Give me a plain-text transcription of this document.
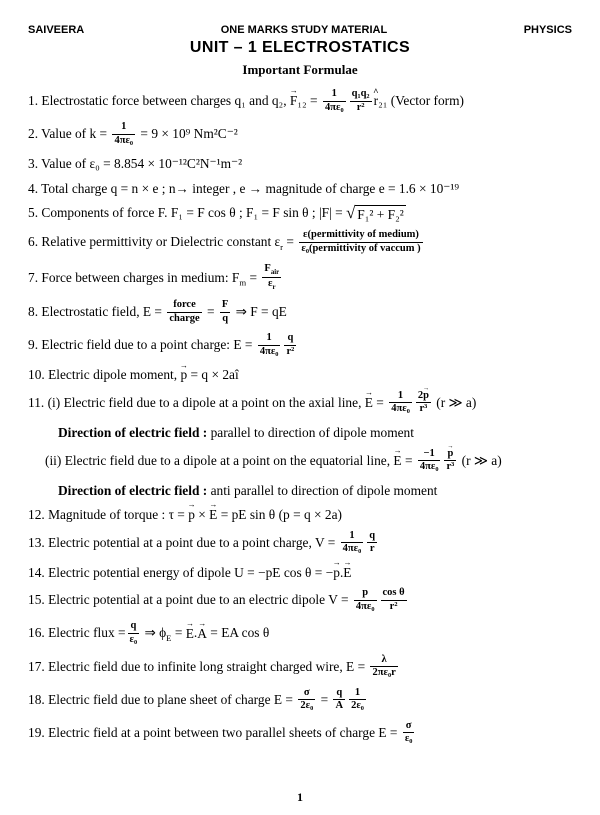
SAIVEERA	ONE MARKS STUDY MATERIAL	PHYSICS
UNIT – 1 ELECTROSTATICS
Important Formulae
1. Electrostatic force between charges q₁ and q₂, → $F_{12} = \frac{1}{\text{4πε₀}} \frac{\text{q₁q₂}}{\text{r²}}$ ^ r₂₁ (Vector form)
2. Value of $k = \frac{1}{\text{4πε₀}} = 9 \times 10^9$ Nm²C⁻²
3. Value of ε₀ = 8.854 × 10⁻¹²C²N⁻¹m⁻²
4. Total charge q = n × e ; n→ integer , e → magnitude of charge e = 1.6 × 10⁻¹⁹
5. Components of force F. F₁ = F cos θ ; F₁ = F sin θ ; |F| = √ F₁² + F₂²
6. Relative permittivity or Dielectric constant $\varepsilon_r = \frac{\text{ε(permittivity of medium)}}{\text{ε₀(permittivity of vaccum )}}$
7. Force between charges in medium: $F_m = \frac{F_{air}}{\varepsilon_r}$
8. Electrostatic field, $E = \frac{\text{force}}{\text{charge}} = \frac{F}{q}$ ⇒ F = qE
9. Electric field due to a point charge: $E = \frac{1}{\text{4πε₀}} \frac{q}{\text{r²}}$
10. Electric dipole moment, → p = q × 2aî
11. (i) Electric field due to a dipole at a point on the axial line, → $E = \frac{1}{\text{4πε₀}} \frac{2\to p}{\text{r³}} (r$ ≫ a)
Direction of electric field : parallel to direction of dipole moment
(ii) Electric field due to a dipole at a point on the equatorial line, → $E = \frac{-1}{\text{4πε₀}} \to \frac{p}{\text{r³}} (r$ ≫ a)
Direction of electric field : anti parallel to direction of dipole moment
12. Magnitude of torque : τ = → p × → E = pE sin θ (p = q × 2a)
13. Electric potential at a point due to a point charge, $V = \frac{1}{\text{4πε₀}} \frac{q}{r}$
14. Electric potential energy of dipole U = −pE cos θ = −→ p.→ E
15. Electric potential at a point due to an electric dipole $V = \frac{p}{\text{4πε₀}} \frac{\text{cos θ}}{\text{r²}}$
16. Electric flux = $\frac{q}{\text{ε₀}}$ ⇒ $\phi_E$ = → E.→ A = EA cos θ
17. Electric field due to infinite long straight charged wire, $E = \frac{\lambda}{\text{2πε₀r}}$
18. Electric field due to plane sheet of charge $E = \frac{\sigma}{\text{2ε₀}} = \frac{q}{A} \frac{1}{\text{2ε₀}}$
19. Electric field at a point between two parallel sheets of charge $E = \frac{\sigma}{\text{ε₀}}$
1
